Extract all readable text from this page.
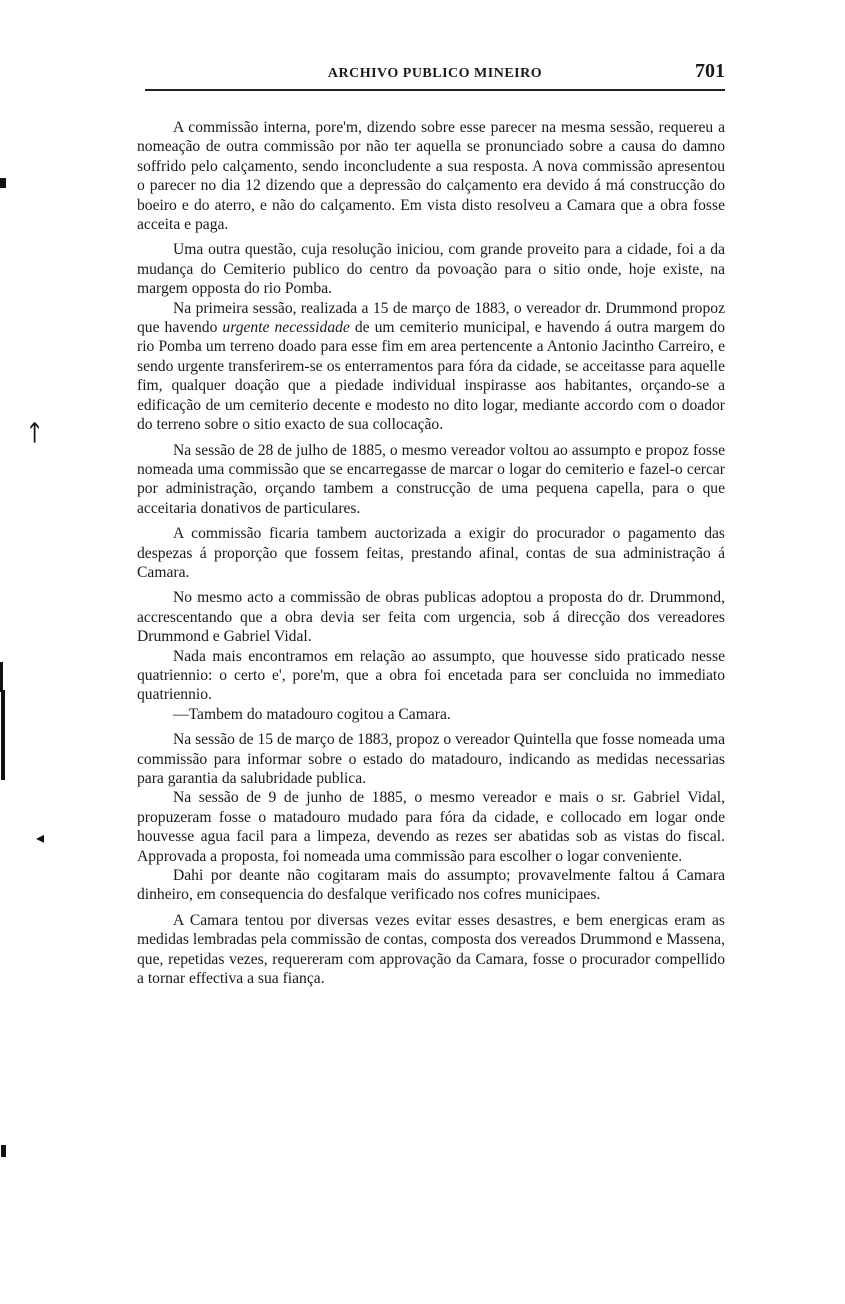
ARCHIVO PUBLICO MINEIRO	701

A commissão interna, pore'm, dizendo sobre esse parecer na mesma sessão, requereu a nomeação de outra commissão por não ter aquella se pronunciado sobre a causa do damno soffrido pelo calçamento, sendo inconcludente a sua resposta. A nova commissão apresentou o parecer no dia 12 dizendo que a depressão do calçamento era devido á má construcção do boeiro e do aterro, e não do calçamento. Em vista disto resolveu a Camara que a obra fosse acceita e paga.

Uma outra questão, cuja resolução iniciou, com grande proveito para a cidade, foi a da mudança do Cemiterio publico do centro da povoação para o sitio onde, hoje existe, na margem opposta do rio Pomba.

Na primeira sessão, realizada a 15 de março de 1883, o vereador dr. Drummond propoz que havendo urgente necessidade de um cemiterio municipal, e havendo á outra margem do rio Pomba um terreno doado para esse fim em area pertencente a Antonio Jacintho Carreiro, e sendo urgente transferirem-se os enterramentos para fóra da cidade, se acceitasse para aquelle fim, qualquer doação que a piedade individual inspirasse aos habitantes, orçando-se a edificação de um cemiterio decente e modesto no dito logar, mediante accordo com o doador do terreno sobre o sitio exacto de sua collocação.

Na sessão de 28 de julho de 1885, o mesmo vereador voltou ao assumpto e propoz fosse nomeada uma commissão que se encarregasse de marcar o logar do cemiterio e fazel-o cercar por administração, orçando tambem a construcção de uma pequena capella, para o que acceitaria donativos de particulares.

A commissão ficaria tambem auctorizada a exigir do procurador o pagamento das despezas á proporção que fossem feitas, prestando afinal, contas de sua administração á Camara.

No mesmo acto a commissão de obras publicas adoptou a proposta do dr. Drummond, accrescentando que a obra devia ser feita com urgencia, sob á direcção dos vereadores Drummond e Gabriel Vidal.

Nada mais encontramos em relação ao assumpto, que houvesse sido praticado nesse quatriennio: o certo e', pore'm, que a obra foi encetada para ser concluida no immediato quatriennio.

—Tambem do matadouro cogitou a Camara.

Na sessão de 15 de março de 1883, propoz o vereador Quintella que fosse nomeada uma commissão para informar sobre o estado do matadouro, indicando as medidas necessarias para garantia da salubridade publica.

Na sessão de 9 de junho de 1885, o mesmo vereador e mais o sr. Gabriel Vidal, propuzeram fosse o matadouro mudado para fóra da cidade, e collocado em logar onde houvesse agua facil para a limpeza, devendo as rezes ser abatidas sob as vistas do fiscal. Approvada a proposta, foi nomeada uma commissão para escolher o logar conveniente.

Dahi por deante não cogitaram mais do assumpto; provavelmente faltou á Camara dinheiro, em consequencia do desfalque verificado nos cofres municipaes.

A Camara tentou por diversas vezes evitar esses desastres, e bem energicas eram as medidas lembradas pela commissão de contas, composta dos vereados Drummond e Massena, que, repetidas vezes, requereram com approvação da Camara, fosse o procurador compellido a tornar effectiva a sua fiança.

ᛏ
◂
